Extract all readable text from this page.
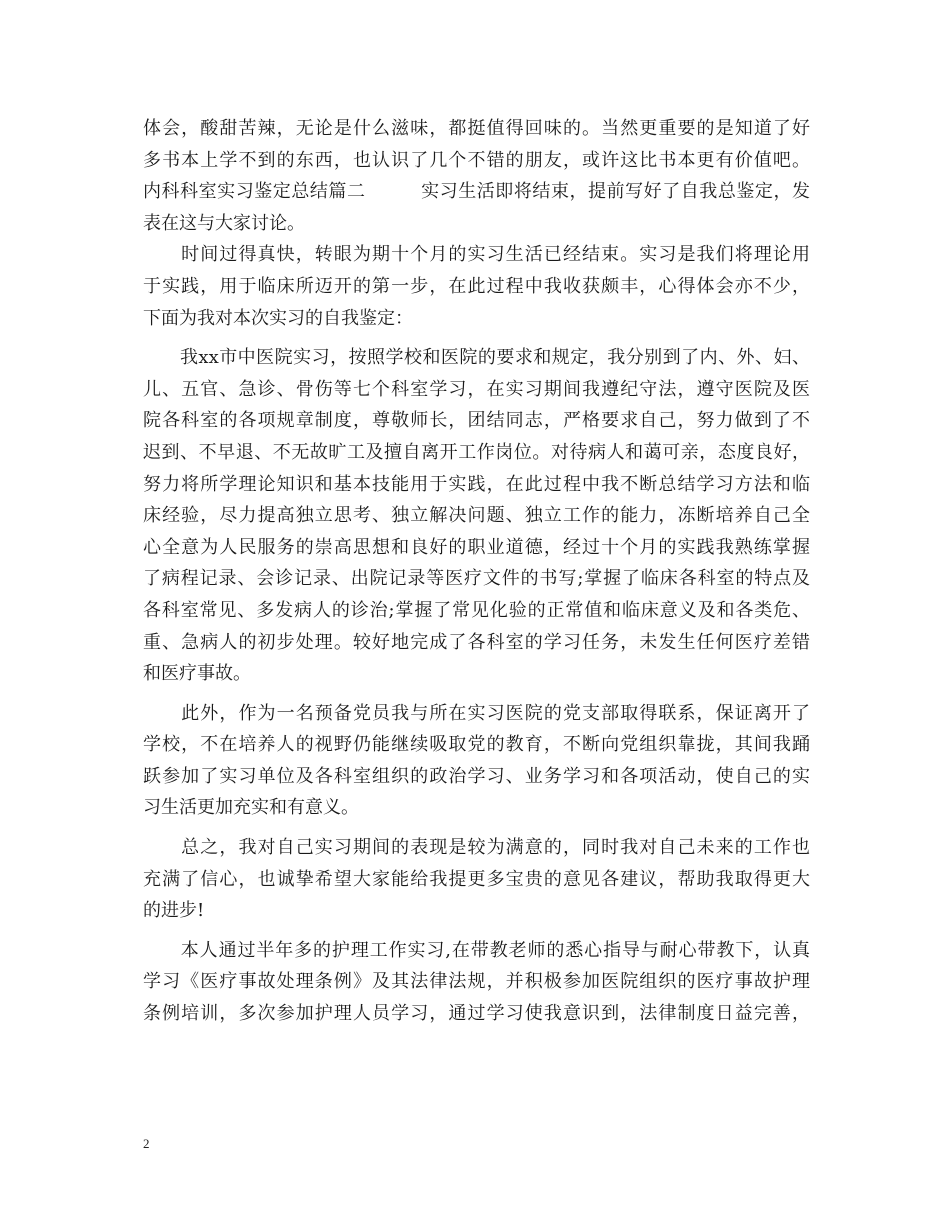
体会，酸甜苦辣，无论是什么滋味，都挺值得回味的。当然更重要的是知道了好
多书本上学不到的东西，也认识了几个不错的朋友，或许这比书本更有价值吧。
内科科室实习鉴定总结篇二　　　实习生活即将结束，提前写好了自我总鉴定，发
表在这与大家讨论。
　　时间过得真快，转眼为期十个月的实习生活已经结束。实习是我们将理论用
于实践，用于临床所迈开的第一步，在此过程中我收获颇丰，心得体会亦不少，
下面为我对本次实习的自我鉴定：
　　我xx市中医院实习，按照学校和医院的要求和规定，我分别到了内、外、妇、
儿、五官、急诊、骨伤等七个科室学习，在实习期间我遵纪守法，遵守医院及医
院各科室的各项规章制度，尊敬师长，团结同志，严格要求自己，努力做到了不
迟到、不早退、不无故旷工及擅自离开工作岗位。对待病人和蔼可亲，态度良好，
努力将所学理论知识和基本技能用于实践，在此过程中我不断总结学习方法和临
床经验，尽力提高独立思考、独立解决问题、独立工作的能力，冻断培养自己全
心全意为人民服务的崇高思想和良好的职业道德，经过十个月的实践我熟练掌握
了病程记录、会诊记录、出院记录等医疗文件的书写;掌握了临床各科室的特点及
各科室常见、多发病人的诊治;掌握了常见化验的正常值和临床意义及和各类危、
重、急病人的初步处理。较好地完成了各科室的学习任务，未发生任何医疗差错
和医疗事故。
　　此外，作为一名预备党员我与所在实习医院的党支部取得联系，保证离开了
学校，不在培养人的视野仍能继续吸取党的教育，不断向党组织靠拢，其间我踊
跃参加了实习单位及各科室组织的政治学习、业务学习和各项活动，使自己的实
习生活更加充实和有意义。
　　总之，我对自己实习期间的表现是较为满意的，同时我对自己未来的工作也
充满了信心，也诚挚希望大家能给我提更多宝贵的意见各建议，帮助我取得更大
的进步!
　　本人通过半年多的护理工作实习,在带教老师的悉心指导与耐心带教下，认真
学习《医疗事故处理条例》及其法律法规，并积极参加医院组织的医疗事故护理
条例培训，多次参加护理人员学习，通过学习使我意识到，法律制度日益完善，
2
